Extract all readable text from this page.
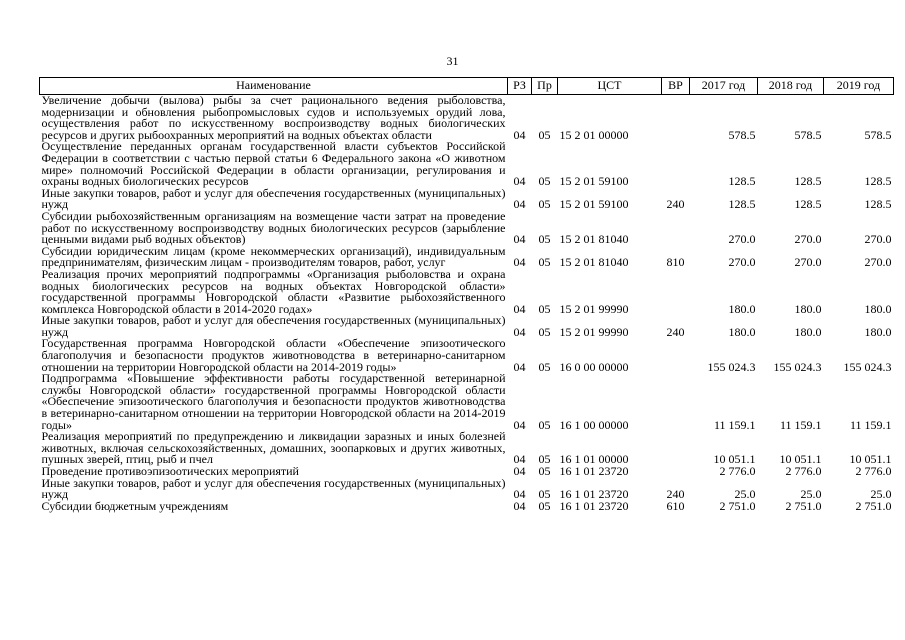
31
Наименование	РЗ	Пр	ЦСТ	ВР	2017 год	2018 год	2019 год
Увеличение добычи (вылова) рыбы за счет рационального ведения рыболовства, модернизации и обновления рыбопромысловых судов и используемых орудий лова, осуществления работ по искусственному воспроизводству водных биологических ресурсов и других рыбоохранных мероприятий на водных объектах области	04	05	15 2 01 00000		578.5	578.5	578.5
Осуществление переданных органам государственной власти субъектов Российской Федерации в соответствии с частью первой статьи 6 Федерального закона «О животном мире» полномочий Российской Федерации в области организации, регулирования и охраны водных биологических ресурсов	04	05	15 2 01 59100		128.5	128.5	128.5
Иные закупки товаров, работ и услуг для обеспечения государственных (муниципальных) нужд	04	05	15 2 01 59100	240	128.5	128.5	128.5
Субсидии рыбохозяйственным организациям на возмещение части затрат на проведение работ по искусственному воспроизводству водных биологических ресурсов (зарыбление ценными видами рыб водных объектов)	04	05	15 2 01 81040		270.0	270.0	270.0
Субсидии юридическим лицам (кроме некоммерческих организаций), индивидуальным предпринимателям, физическим лицам - производителям товаров, работ, услуг	04	05	15 2 01 81040	810	270.0	270.0	270.0
Реализация прочих мероприятий подпрограммы «Организация рыболовства и охрана водных биологических ресурсов на водных объектах Новгородской области» государственной программы Новгородской области «Развитие рыбохозяйственного комплекса Новгородской области в 2014-2020 годах»	04	05	15 2 01 99990		180.0	180.0	180.0
Иные закупки товаров, работ и услуг для обеспечения государственных (муниципальных) нужд	04	05	15 2 01 99990	240	180.0	180.0	180.0
Государственная программа Новгородской области «Обеспечение эпизоотического благополучия и безопасности продуктов животноводства в ветеринарно-санитарном отношении на территории Новгородской области на 2014-2019 годы»	04	05	16 0 00 00000		155 024.3	155 024.3	155 024.3
Подпрограмма «Повышение эффективности работы государственной ветеринарной службы Новгородской области» государственной программы Новгородской области «Обеспечение эпизоотического благополучия и безопасности продуктов животноводства в ветеринарно-санитарном отношении на территории Новгородской области на 2014-2019 годы»	04	05	16 1 00 00000		11 159.1	11 159.1	11 159.1
Реализация мероприятий по предупреждению и ликвидации заразных и иных болезней животных, включая сельскохозяйственных, домашних, зоопарковых и других животных, пушных зверей, птиц, рыб и пчел	04	05	16 1 01 00000		10 051.1	10 051.1	10 051.1
Проведение противоэпизоотических мероприятий	04	05	16 1 01 23720		2 776.0	2 776.0	2 776.0
Иные закупки товаров, работ и услуг для обеспечения государственных (муниципальных) нужд	04	05	16 1 01 23720	240	25.0	25.0	25.0
Субсидии бюджетным учреждениям	04	05	16 1 01 23720	610	2 751.0	2 751.0	2 751.0
